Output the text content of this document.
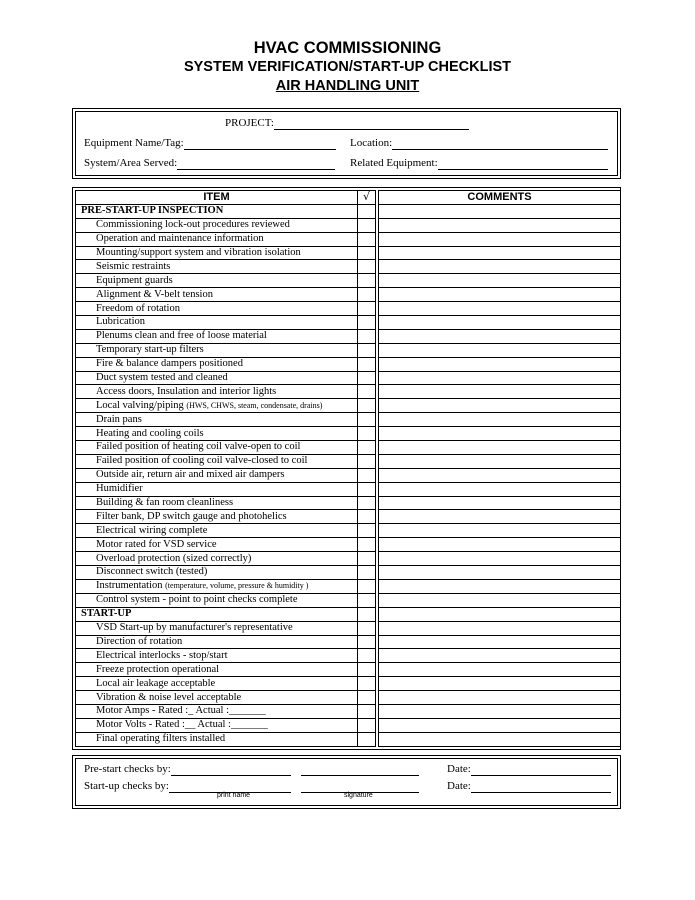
HVAC COMMISSIONING
SYSTEM VERIFICATION/START-UP CHECKLIST
AIR HANDLING UNIT
PROJECT:
Equipment Name/Tag:	Location:
System/Area Served:	Related Equipment:
ITEM	√		COMMENTS
PRE-START-UP INSPECTION			
Commissioning lock-out procedures reviewed			
Operation and maintenance information			
Mounting/support system and vibration isolation			
Seismic restraints			
Equipment guards			
Alignment & V-belt tension			
Freedom of rotation			
Lubrication			
Plenums clean and free of loose material			
Temporary start-up filters			
Fire & balance dampers positioned			
Duct system tested and cleaned			
Access doors, Insulation and interior lights			
Local valving/piping (HWS, CHWS, steam, condensate, drains)			
Drain pans			
Heating and cooling coils			
Failed position of heating coil valve-open to coil			
Failed position of cooling coil valve-closed to coil			
Outside air, return air and mixed air dampers			
Humidifier			
Building & fan room cleanliness			
Filter bank, DP switch gauge and photohelics			
Electrical wiring complete			
Motor rated for VSD service			
Overload protection (sized correctly)			
Disconnect switch (tested)			
Instrumentation (temperature, volume, pressure & humidity )			
Control system - point to point checks complete			
START-UP			
VSD Start-up by manufacturer's representative			
Direction of rotation			
Electrical interlocks - stop/start			
Freeze protection operational			
Local air leakage acceptable			
Vibration & noise level acceptable			
Motor Amps - Rated :_ Actual :_______			
Motor Volts - Rated :__ Actual :_______			
Final operating filters installed			
Pre-start checks by:	Date:
Start-up checks by:	Date:
print name	signature
